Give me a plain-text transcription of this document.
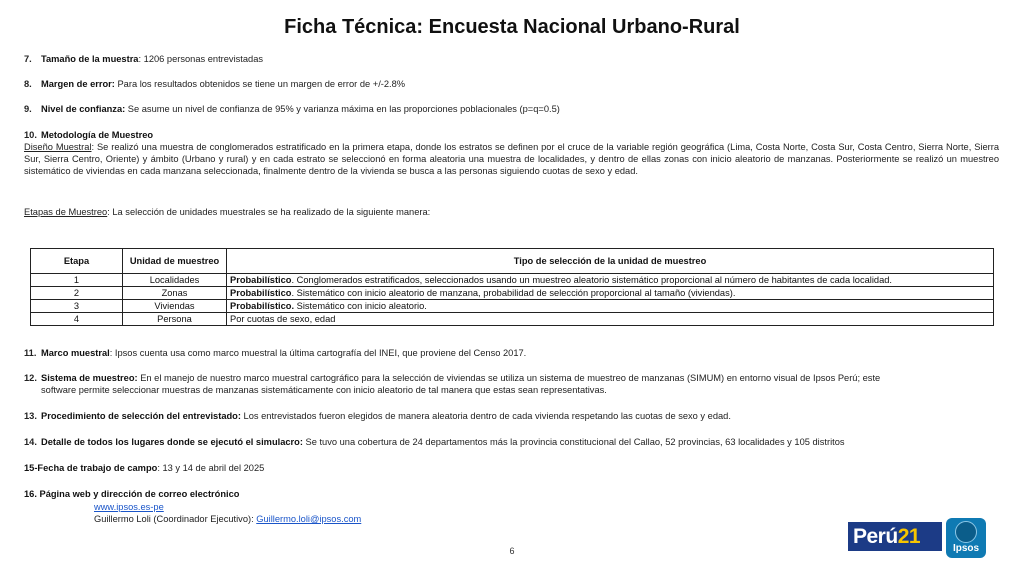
Ficha Técnica: Encuesta Nacional Urbano-Rural
7. Tamaño de la muestra: 1206 personas entrevistadas
8. Margen de error: Para los resultados obtenidos se tiene un margen de error de +/-2.8%
9. Nivel de confianza: Se asume un nivel de confianza de 95% y varianza máxima en las proporciones poblacionales (p=q=0.5)
10. Metodología de Muestreo
Diseño Muestral: Se realizó una muestra de conglomerados estratificado en la primera etapa, donde los estratos se definen por el cruce de la variable región geográfica (Lima, Costa Norte, Costa Sur, Costa Centro, Sierra Norte, Sierra Sur, Sierra Centro, Oriente) y ámbito (Urbano y rural) y en cada estrato se seleccionó en forma aleatoria una muestra de localidades, y dentro de ellas zonas con inicio aleatorio de manzanas. Posteriormente se realizó un muestreo sistemático de viviendas en cada manzana seleccionada, finalmente dentro de la vivienda se busca a las personas siguiendo cuotas de sexo y edad.
Etapas de Muestreo: La selección de unidades muestrales se ha realizado de la siguiente manera:
Etapa	Unidad de muestreo	Tipo de selección de la unidad de muestreo
1	Localidades	Probabilístico. Conglomerados estratificados, seleccionados usando un muestreo aleatorio sistemático proporcional al número de habitantes de cada localidad.
2	Zonas	Probabilístico. Sistemático con inicio aleatorio de manzana, probabilidad de selección proporcional al tamaño (viviendas).
3	Viviendas	Probabilístico. Sistemático con inicio aleatorio.
4	Persona	Por cuotas de sexo, edad
11. Marco muestral: Ipsos cuenta usa como marco muestral la última cartografía del INEI, que proviene del Censo 2017.
12. Sistema de muestreo: En el manejo de nuestro marco muestral cartográfico para la selección de viviendas se utiliza un sistema de muestreo de manzanas (SIMUM) en entorno visual de Ipsos Perú; este
software permite seleccionar muestras de manzanas sistemáticamente con inicio aleatorio de tal manera que estas sean representativas.
13. Procedimiento de selección del entrevistado: Los entrevistados fueron elegidos de manera aleatoria dentro de cada vivienda respetando las cuotas de sexo y edad.
14. Detalle de todos los lugares donde se ejecutó el simulacro: Se tuvo una cobertura de 24 departamentos más la provincia constitucional del Callao, 52 provincias, 63 localidades y 105 distritos
15-Fecha de trabajo de campo: 13 y 14 de abril del 2025
16. Página web y dirección de correo electrónico
www.ipsos.es-pe
Guillermo Loli (Coordinador Ejecutivo): Guillermo.loli@ipsos.com
6
Perú21
Ipsos
